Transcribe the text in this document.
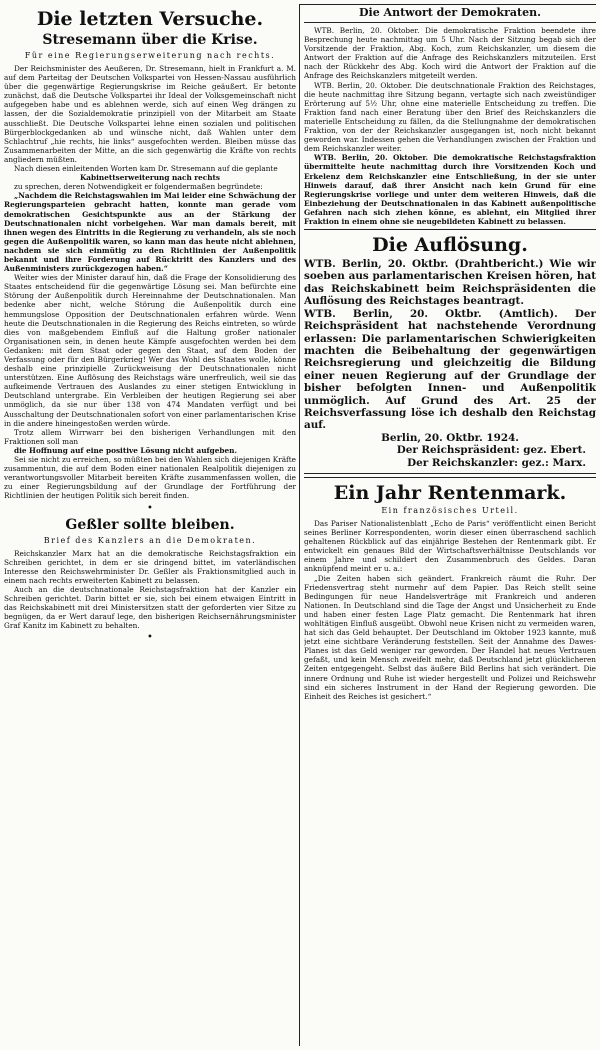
Die letzten Versuche.
Stresemann über die Krise.
Für eine Regierungserweiterung nach rechts.

Der Reichsminister des Aeußeren, Dr. Stresemann, hielt in Frankfurt a. M. auf dem Parteitag der Deutschen Volkspartei von Hessen-Nassau ausführlich über die gegenwärtige Regierungskrise im Reiche geäußert. Er betonte zunächst, daß die Deutsche Volkspartei ihr Ideal der Volksgemeinschaft nicht aufgegeben habe und es ablehnen werde, sich auf einen Weg drängen zu lassen, der die Sozialdemokratie prinzipiell von der Mitarbeit am Staate ausschließt. Die Deutsche Volkspartei lehne einen sozialen und politischen Bürgerblockgedanken ab und wünsche nicht, daß Wahlen unter dem Schlachtruf „hie rechts, hie links“ ausgefochten werden. Bleiben müsse das Zusammenarbeiten der Mitte, an die sich gegenwärtig die Kräfte von rechts angliedern müßten.

Nach diesen einleitenden Worten kam Dr. Stresemann auf die geplante

Kabinettserweiterung nach rechts

zu sprechen, deren Notwendigkeit er folgendermaßen begründete:

„Nachdem die Reichstagswahlen im Mai leider eine Schwächung der Regierungsparteien gebracht hatten, konnte man gerade vom demokratischen Gesichtspunkte aus an der Stärkung der Deutschnationalen nicht vorbeigehen. War man damals bereit, mit ihnen wegen des Eintritts in die Regierung zu verhandeln, als sie noch gegen die Außenpolitik waren, so kann man das heute nicht ablehnen, nachdem sie sich einmütig zu den Richtlinien der Außenpolitik bekannt und ihre Forderung auf Rücktritt des Kanzlers und des Außenministers zurückgezogen haben.“

Weiter wies der Minister darauf hin, daß die Frage der Konsolidierung des Staates entscheidend für die gegenwärtige Lösung sei. Man befürchte eine Störung der Außenpolitik durch Hereinnahme der Deutschnationalen. Man bedenke aber nicht, welche Störung die Außenpolitik durch eine hemmungslose Opposition der Deutschnationalen erfahren würde. Wenn heute die Deutschnationalen in die Regierung des Reichs eintreten, so würde dies von maßgebendem Einfluß auf die Haltung großer nationaler Organisationen sein, in denen heute Kämpfe ausgefochten werden bei dem Gedanken: mit dem Staat oder gegen den Staat, auf dem Boden der Verfassung oder für den Bürgerkrieg! Wer das Wohl des Staates wolle, könne deshalb eine prinzipielle Zurückweisung der Deutschnationalen nicht unterstützen. Eine Auflösung des Reichstags wäre unerfreulich, weil sie das aufkeimende Vertrauen des Auslandes zu einer stetigen Entwicklung in Deutschland untergrabe. Ein Verbleiben der heutigen Regierung sei aber unmöglich, da sie nur über 138 von 474 Mandaten verfügt und bei Ausschaltung der Deutschnationalen sofort von einer parlamentarischen Krise in die andere hineingestoßen werden würde.

Trotz allem Wirrwarr bei den bisherigen Verhandlungen mit den Fraktionen soll man

die Hoffnung auf eine positive Lösung nicht aufgeben.

Sei sie nicht zu erreichen, so müßten bei den Wahlen sich diejenigen Kräfte zusammentun, die auf dem Boden einer nationalen Realpolitik diejenigen zu verantwortungsvoller Mitarbeit bereiten Kräfte zusammenfassen wollen, die zu einer Regierungsbildung auf der Grundlage der Fortführung der Richtlinien der heutigen Politik sich bereit finden.

•
Geßler sollte bleiben.
Brief des Kanzlers an die Demokraten.

Reichskanzler Marx hat an die demokratische Reichstagsfraktion ein Schreiben gerichtet, in dem er sie dringend bittet, im vaterländischen Interesse den Reichswehrminister Dr. Geßler als Fraktionsmitglied auch in einem nach rechts erweiterten Kabinett zu belassen.

Auch an die deutschnationale Reichstagsfraktion hat der Kanzler ein Schreiben gerichtet. Darin bittet er sie, sich bei einem etwaigen Eintritt in das Reichskabinett mit drei Ministersitzen statt der geforderten vier Sitze zu begnügen, da er Wert darauf lege, den bisherigen Reichsernährungsminister Graf Kanitz im Kabinett zu behalten.

•
Die Antwort der Demokraten.

WTB. Berlin, 20. Oktober. Die demokratische Fraktion beendete ihre Besprechung heute nachmittag um 5 Uhr. Nach der Sitzung begab sich der Vorsitzende der Fraktion, Abg. Koch, zum Reichskanzler, um diesem die Antwort der Fraktion auf die Anfrage des Reichskanzlers mitzuteilen. Erst nach der Rückkehr des Abg. Koch wird die Antwort der Fraktion auf die Anfrage des Reichskanzlers mitgeteilt werden.

WTB. Berlin, 20. Oktober. Die deutschnationale Fraktion des Reichstages, die heute nachmittag ihre Sitzung begann, vertagte sich nach zweistündiger Erörterung auf 5½ Uhr, ohne eine materielle Entscheidung zu treffen. Die Fraktion fand nach einer Beratung über den Brief des Reichskanzlers die materielle Entscheidung zu fällen, da die Stellungnahme der demokratischen Fraktion, von der der Reichskanzler ausgegangen ist, noch nicht bekannt geworden war. Indessen gehen die Verhandlungen zwischen der Fraktion und dem Reichskanzler weiter.

WTB. Berlin, 20. Oktober. Die demokratische Reichstagsfraktion übermittelte heute nachmittag durch ihre Vorsitzenden Koch und Erkelenz dem Reichskanzler eine Entschließung, in der sie unter Hinweis darauf, daß ihrer Ansicht nach kein Grund für eine Regierungskrise vorliege und unter dem weiteren Hinweis, daß die Einbeziehung der Deutschnationalen in das Kabinett außenpolitische Gefahren nach sich ziehen könne, es ablehnt, ein Mitglied ihrer Fraktion in einem ohne sie neugebildeten Kabinett zu belassen.

Die Auflösung.

WTB. Berlin, 20. Oktbr. (Drahtbericht.) Wie wir soeben aus parlamentarischen Kreisen hören, hat das Reichskabinett beim Reichspräsidenten die Auflösung des Reichstages beantragt.

WTB. Berlin, 20. Oktbr. (Amtlich). Der Reichspräsident hat nachstehende Verordnung erlassen: Die parlamentarischen Schwierigkeiten machten die Beibehaltung der gegenwärtigen Reichsregierung und gleichzeitig die Bildung einer neuen Regierung auf der Grundlage der bisher befolgten Innen- und Außenpolitik unmöglich. Auf Grund des Art. 25 der Reichsverfassung löse ich deshalb den Reichstag auf.

Berlin, 20. Oktbr. 1924.

Der Reichspräsident: gez. Ebert.

Der Reichskanzler: gez.: Marx.

Ein Jahr Rentenmark.
Ein französisches Urteil.

Das Pariser Nationalistenblatt „Echo de Paris“ veröffentlicht einen Bericht seines Berliner Korrespondenten, worin dieser einen überraschend sachlich gehaltenen Rückblick auf das einjährige Bestehen der Rentenmark gibt. Er entwickelt ein genaues Bild der Wirtschaftsverhältnisse Deutschlands vor einem Jahre und schildert den Zusammenbruch des Geldes. Daran anknüpfend meint er u. a.:

„Die Zeiten haben sich geändert. Frankreich räumt die Ruhr. Der Friedensvertrag steht nurmehr auf dem Papier. Das Reich stellt seine Bedingungen für neue Handelsverträge mit Frankreich und anderen Nationen. In Deutschland sind die Tage der Angst und Unsicherheit zu Ende und haben einer festen Lage Platz gemacht. Die Rentenmark hat ihren wohltätigen Einfluß ausgeübt. Obwohl neue Krisen nicht zu vermeiden waren, hat sich das Geld behauptet. Der Deutschland im Oktober 1923 kannte, muß jetzt eine sichtbare Veränderung feststellen. Seit der Annahme des Dawes-Planes ist das Geld weniger rar geworden. Der Handel hat neues Vertrauen gefaßt, und kein Mensch zweifelt mehr, daß Deutschland jetzt glücklicheren Zeiten entgegengeht. Selbst das äußere Bild Berlins hat sich verändert. Die innere Ordnung und Ruhe ist wieder hergestellt und Polizei und Reichswehr sind ein sicheres Instrument in der Hand der Regierung geworden. Die Einheit des Reiches ist gesichert.“
